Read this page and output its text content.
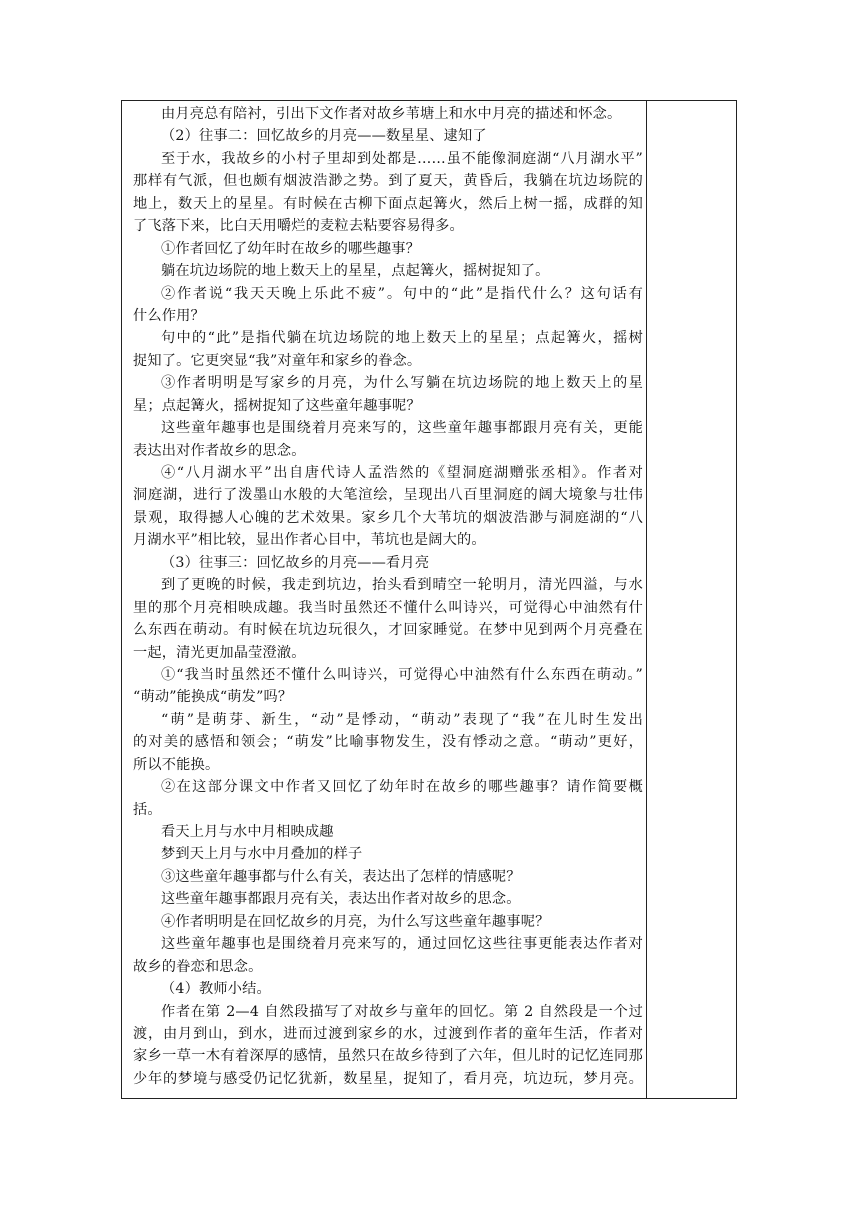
由月亮总有陪衬，引出下文作者对故乡苇塘上和水中月亮的描述和怀念。
（2）往事二：回忆故乡的月亮——数星星、逮知了
至于水，我故乡的小村子里却到处都是……虽不能像洞庭湖“八月湖水平”
那样有气派，但也颇有烟波浩渺之势。到了夏天，黄昏后，我躺在坑边场院的
地上，数天上的星星。有时候在古柳下面点起篝火，然后上树一摇，成群的知
了飞落下来，比白天用嚼烂的麦粒去粘要容易得多。
①作者回忆了幼年时在故乡的哪些趣事？
躺在坑边场院的地上数天上的星星，点起篝火，摇树捉知了。
②作者说“我天天晚上乐此不疲”。句中的“此”是指代什么？这句话有
什么作用？
句中的“此”是指代躺在坑边场院的地上数天上的星星；点起篝火，摇树
捉知了。它更突显“我”对童年和家乡的眷念。
③作者明明是写家乡的月亮，为什么写躺在坑边场院的地上数天上的星
星；点起篝火，摇树捉知了这些童年趣事呢？
这些童年趣事也是围绕着月亮来写的，这些童年趣事都跟月亮有关，更能
表达出对作者故乡的思念。
④“八月湖水平”出自唐代诗人孟浩然的《望洞庭湖赠张丞相》。作者对
洞庭湖，进行了泼墨山水般的大笔渲绘，呈现出八百里洞庭的阔大境象与壮伟
景观，取得撼人心魄的艺术效果。家乡几个大苇坑的烟波浩渺与洞庭湖的“八
月湖水平”相比较，显出作者心目中，苇坑也是阔大的。
（3）往事三：回忆故乡的月亮——看月亮
到了更晚的时候，我走到坑边，抬头看到晴空一轮明月，清光四溢，与水
里的那个月亮相映成趣。我当时虽然还不懂什么叫诗兴，可觉得心中油然有什
么东西在萌动。有时候在坑边玩很久，才回家睡觉。在梦中见到两个月亮叠在
一起，清光更加晶莹澄澈。
①“我当时虽然还不懂什么叫诗兴，可觉得心中油然有什么东西在萌动。”
“萌动”能换成“萌发”吗？
“萌”是萌芽、新生，“动”是悸动，“萌动”表现了“我”在儿时生发出
的对美的感悟和领会；“萌发”比喻事物发生，没有悸动之意。“萌动”更好，
所以不能换。
②在这部分课文中作者又回忆了幼年时在故乡的哪些趣事？请作简要概
括。
看天上月与水中月相映成趣
梦到天上月与水中月叠加的样子
③这些童年趣事都与什么有关，表达出了怎样的情感呢？
这些童年趣事都跟月亮有关，表达出作者对故乡的思念。
④作者明明是在回忆故乡的月亮，为什么写这些童年趣事呢？
这些童年趣事也是围绕着月亮来写的，通过回忆这些往事更能表达作者对
故乡的眷恋和思念。
（4）教师小结。
作者在第 2—4 自然段描写了对故乡与童年的回忆。第 2 自然段是一个过
渡，由月到山，到水，进而过渡到家乡的水，过渡到作者的童年生活，作者对
家乡一草一木有着深厚的感情，虽然只在故乡待到了六年，但儿时的记忆连同那
少年的梦境与感受仍记忆犹新，数星星，捉知了，看月亮，坑边玩，梦月亮。
